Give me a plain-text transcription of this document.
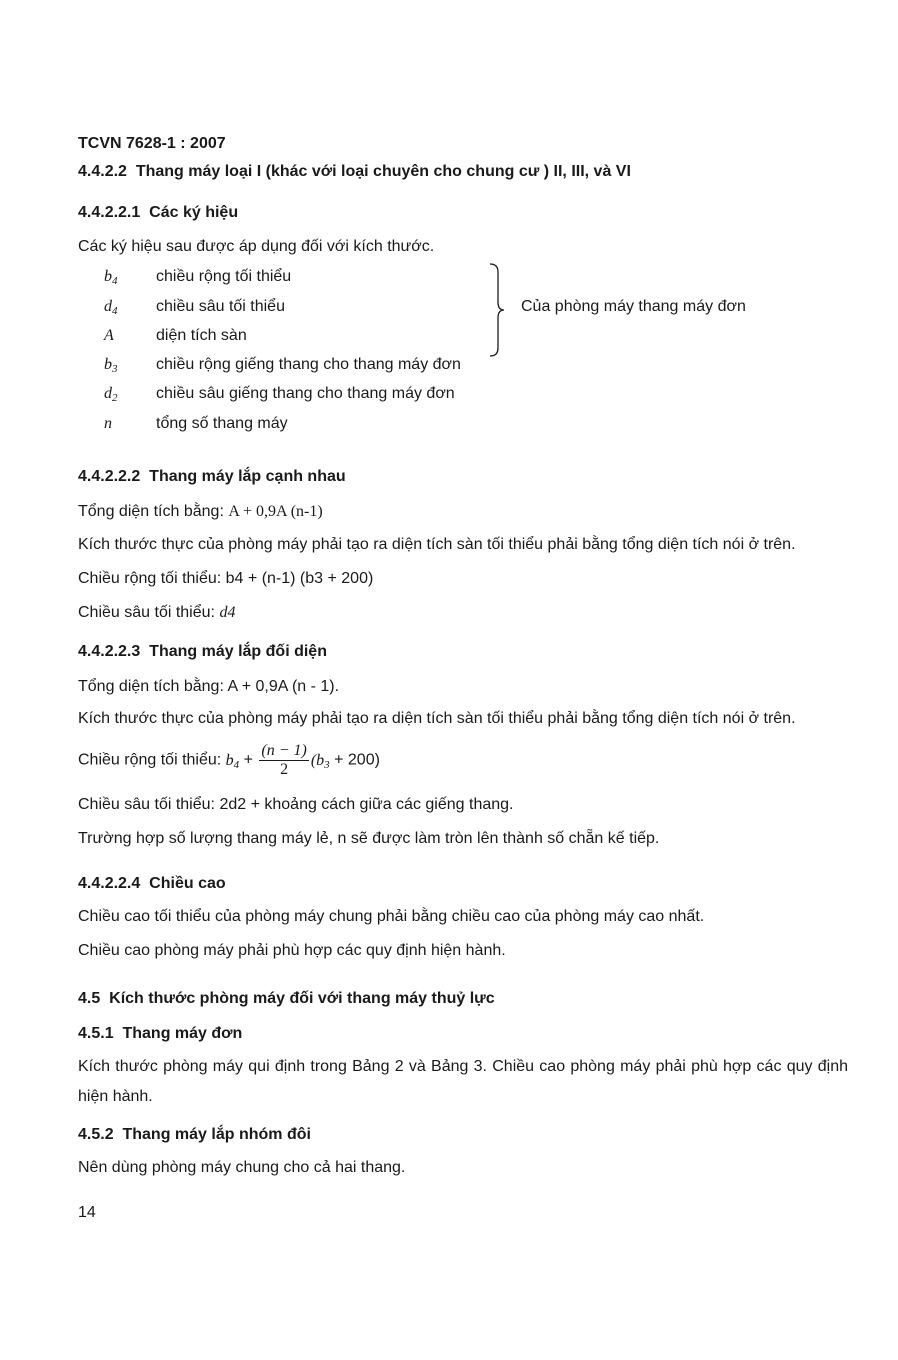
TCVN 7628-1 : 2007
4.4.2.2 Thang máy loại I (khác với loại chuyên cho chung cư ) II, III, và VI
4.4.2.2.1 Các ký hiệu
Các ký hiệu sau được áp dụng đối với kích thước.
$b_4$ chiều rộng tối thiểu
$d_4$ chiều sâu tối thiểu
A	diện tích sàn
$b_3$ chiều rộng giếng thang cho thang máy đơn
$d_2$ chiều sâu giếng thang cho thang máy đơn
n	tổng số thang máy
Của phòng máy thang máy đơn
4.4.2.2.2 Thang máy lắp cạnh nhau
Tổng diện tích bằng: A + 0,9A (n-1)
Kích thước thực của phòng máy phải tạo ra diện tích sàn tối thiểu phải bằng tổng diện tích nói ở trên.
Chiều rộng tối thiểu: b4 + (n-1) (b3 + 200)
Chiều sâu tối thiểu: d4
4.4.2.2.3 Thang máy lắp đối diện
Tổng diện tích bằng: A + 0,9A (n - 1).
Kích thước thực của phòng máy phải tạo ra diện tích sàn tối thiểu phải bằng tổng diện tích nói ở trên.
Chiều rộng tối thiểu: $b_4 + \frac{(n - 1)}{2} (b_3 + 200)$
Chiều sâu tối thiểu: 2d2 + khoảng cách giữa các giếng thang.
Trường hợp số lượng thang máy lẻ, n sẽ được làm tròn lên thành số chẵn kế tiếp.
4.4.2.2.4 Chiều cao
Chiều cao tối thiểu của phòng máy chung phải bằng chiều cao của phòng máy cao nhất.
Chiều cao phòng máy phải phù hợp các quy định hiện hành.
4.5 Kích thước phòng máy đối với thang máy thuỷ lực
4.5.1 Thang máy đơn
Kích thước phòng máy qui định trong Bảng 2 và Bảng 3. Chiều cao phòng máy phải phù hợp các quy định hiện hành.
4.5.2 Thang máy lắp nhóm đôi
Nên dùng phòng máy chung cho cả hai thang.
14
